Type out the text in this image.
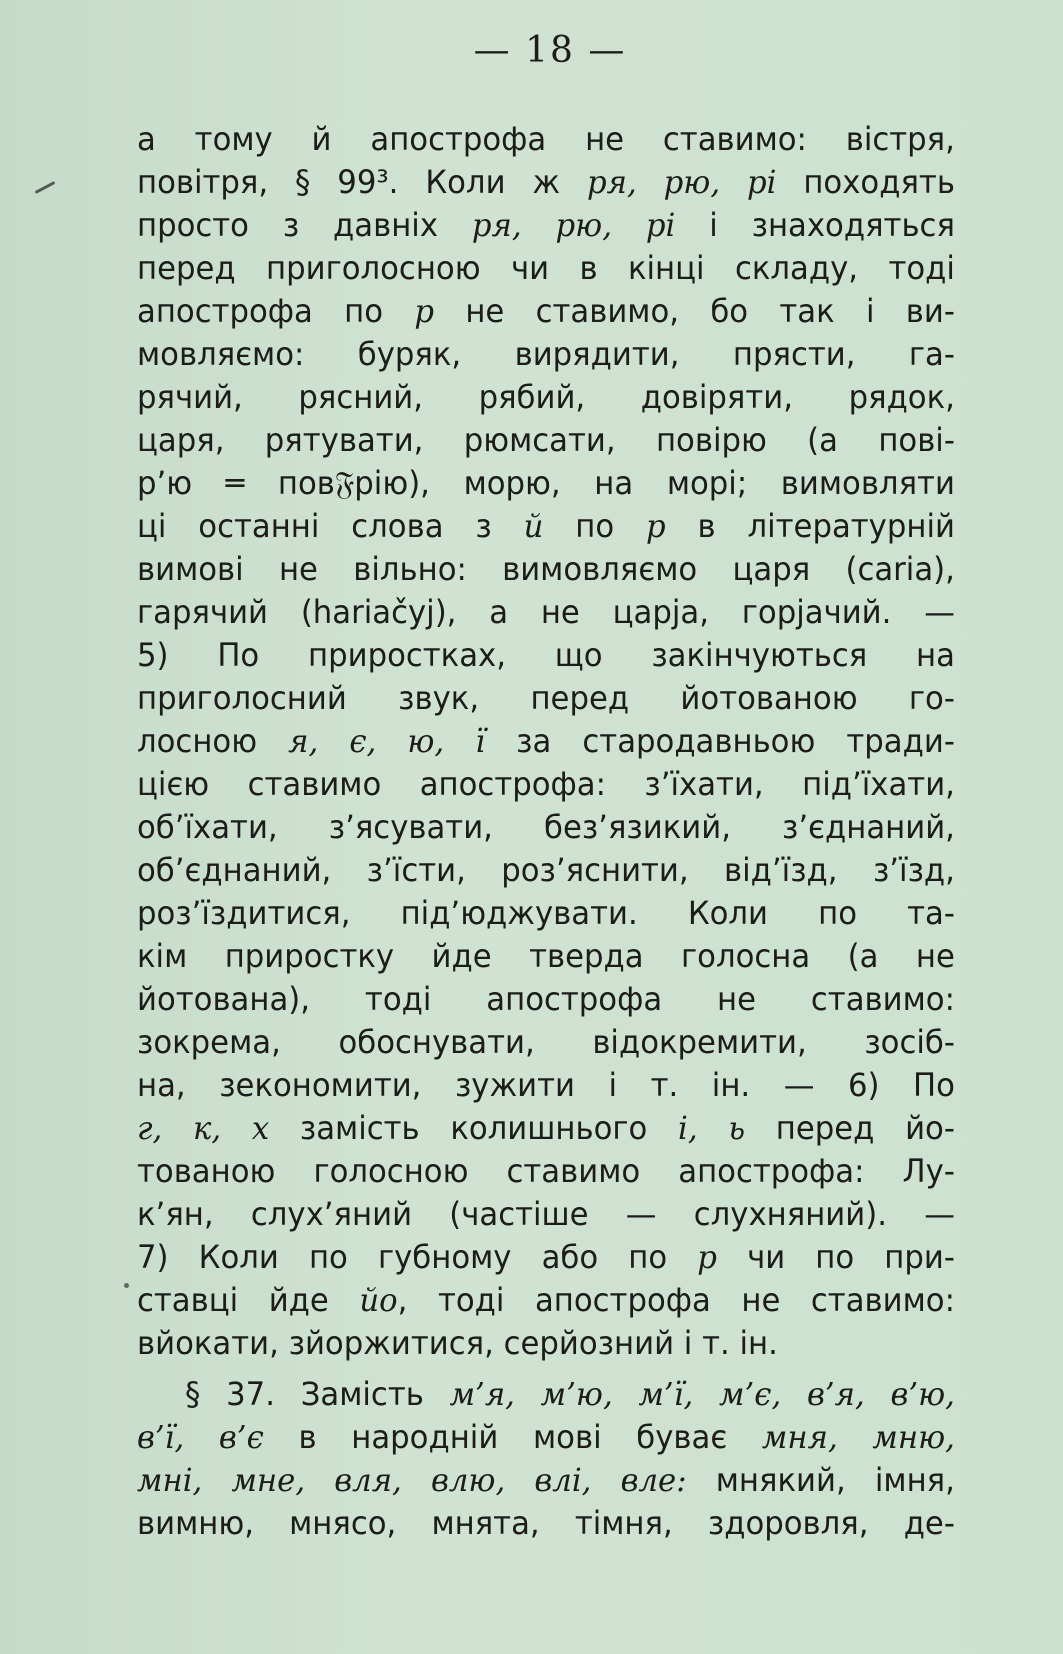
— 18 —
а тому й апострофа не ставимо: вістря,
повітря, § 99³. Коли ж ря, рю, рі походять
просто з давніх ря, рю, рі і знаходяться
перед приголосною чи в кінці складу, тоді
апострофа по р не ставимо, бо так і ви-
мовляємо: буряк, вирядити, прясти, га-
рячий, рясний, рябий, довіряти, рядок,
царя, рятувати, рюмсати, повірю (а пові-
р’ю ═ пов𝔉рію), морю, на морі; вимовляти
ці останні слова з й по р в літературній
вимові не вільно: вимовляємо царя (caria),
гарячий (hariačyj), а не царjа, горjачий. —
5) По приростках, що закінчуються на
приголосний звук, перед йотованою го-
лосною я, є, ю, ї за стародавньою тради-
цією ставимо апострофа: з’їхати, під’їхати,
об’їхати, з’ясувати, без’язикий, з’єднаний,
об’єднаний, з’їсти, роз’яснити, від’їзд, з’їзд,
роз’їздитися, під’юджувати. Коли по та-
кім приростку йде тверда голосна (а не
йотована), тоді апострофа не ставимо:
зокрема, обоснувати, відокремити, зосіб-
на, зекономити, зужити і т. ін. — 6) По
г, к, х замість колишнього і, ь перед йо-
тованою голосною ставимо апострофа: Лу-
к’ян, слух’яний (частіше — слухняний). —
7) Коли по губному або по р чи по при-
ставці йде йо, тоді апострофа не ставимо:
вйокати, зйоржитися, серйозний і т. ін.
§ 37. Замість м’я, м’ю, м’ї, м’є, в’я, в’ю,
в’ї, в’є в народній мові буває мня, мню,
мні, мне, вля, влю, влі, вле: мнякий, імня,
вимню, мнясо, мнята, тімня, здоровля, де-
